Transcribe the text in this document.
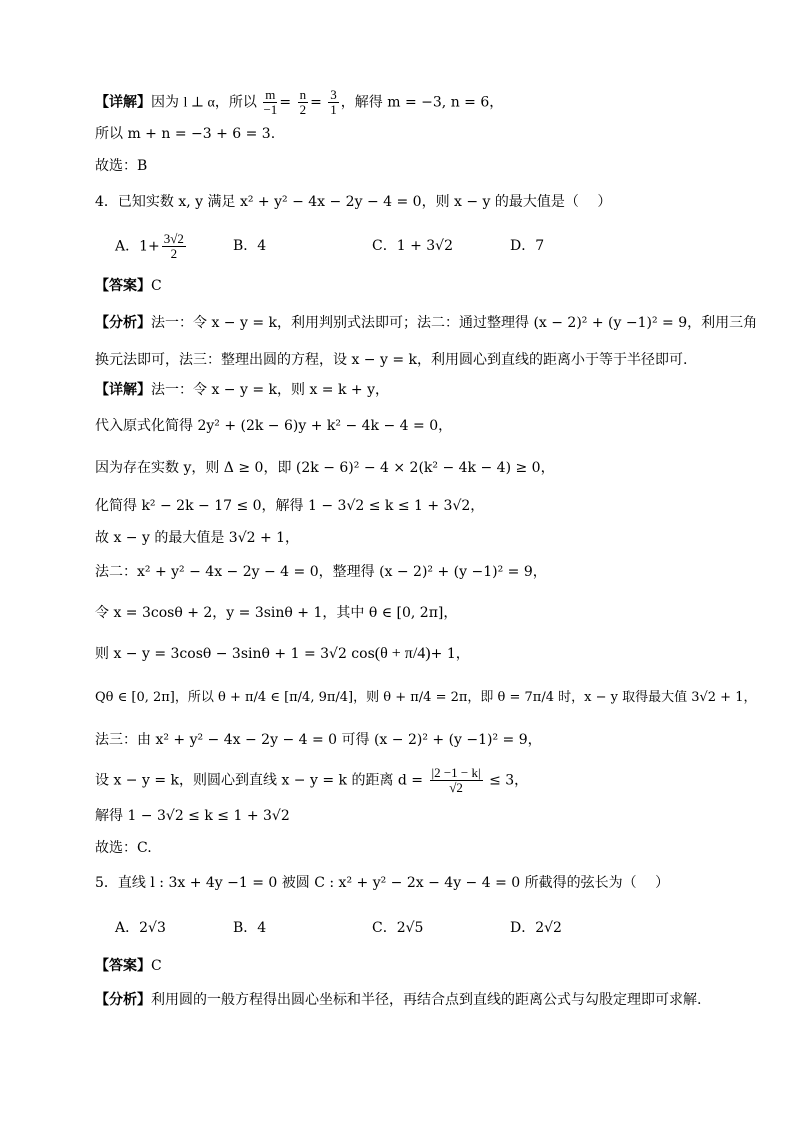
【详解】因为 l ⊥ α，所以 $\frac{m}{-1} = \frac{n}{2} = \frac{3}{1}$ ，解得 m = −3, n = 6，
所以 m + n = −3 + 6 = 3.
故选：B
4．已知实数 x, y 满足 x² + y² − 4x − 2y − 4 = 0，则 x − y 的最大值是（　 ）
A．$1+ \frac{3√2}{2}$	B．4	C．1 + 3√2	D．7
【答案】C
【分析】法一：令 x − y = k，利用判别式法即可；法二：通过整理得 (x − 2)² + (y −1)² = 9，利用三角
换元法即可，法三：整理出圆的方程，设 x − y = k，利用圆心到直线的距离小于等于半径即可.
【详解】法一：令 x − y = k，则 x = k + y，
代入原式化简得 2y² + (2k − 6)y + k² − 4k − 4 = 0，
因为存在实数 y，则 Δ ≥ 0，即 (2k − 6)² − 4 × 2(k² − 4k − 4) ≥ 0，
化简得 k² − 2k − 17 ≤ 0，解得 1 − 3√2 ≤ k ≤ 1 + 3√2，
故 x − y 的最大值是 3√2 + 1，
法二：x² + y² − 4x − 2y − 4 = 0，整理得 (x − 2)² + (y −1)² = 9，
令 x = 3cosθ + 2，y = 3sinθ + 1，其中 θ ∈ [0, 2π]，
则 x − y = 3cosθ − 3sinθ + 1 = 3√2 cos(θ + π/4)+ 1，
Qθ ∈ [0, 2π]，所以 θ + π/4 ∈ [π/4, 9π/4]，则 θ + π/4 = 2π，即 θ = 7π/4 时，x − y 取得最大值 3√2 + 1，
法三：由 x² + y² − 4x − 2y − 4 = 0 可得 (x − 2)² + (y −1)² = 9，
设 x − y = k，则圆心到直线 x − y = k 的距离 $d = \frac{|2 -1 - k|}{√2} \le 3$，
解得 1 − 3√2 ≤ k ≤ 1 + 3√2
故选：C.
5．直线 l : 3x + 4y −1 = 0 被圆 C : x² + y² − 2x − 4y − 4 = 0 所截得的弦长为（　 ）
A．2√3	B．4	C．2√5	D．2√2
【答案】C
【分析】利用圆的一般方程得出圆心坐标和半径，再结合点到直线的距离公式与勾股定理即可求解.
